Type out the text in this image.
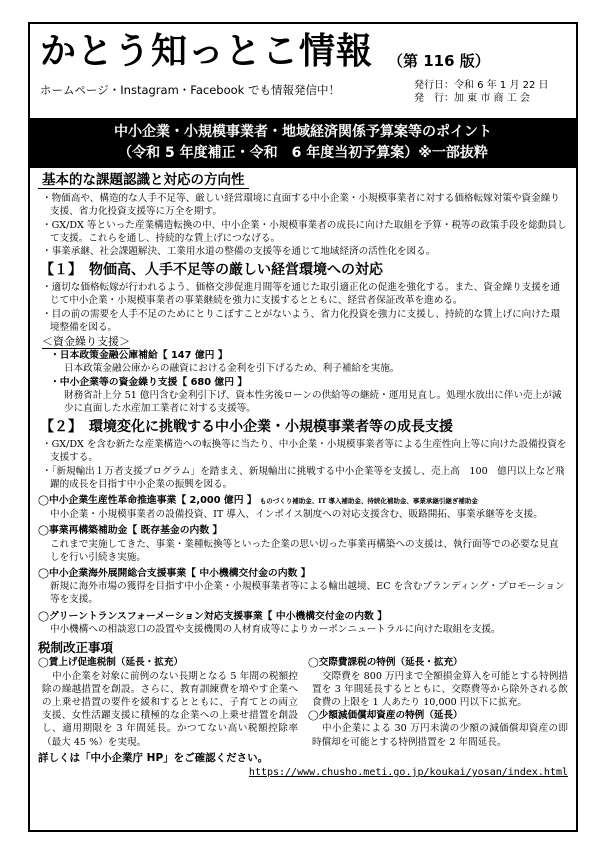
かとう知っとこ情報 （第 116 版）
ホームページ・Instagram・Facebook でも情報発信中！	発行日：令和 6 年 1 月 22 日
発　行：加 東 市 商 工 会
中小企業・小規模事業者・地域経済関係予算案等のポイント
（令和 5 年度補正・令和　6 年度当初予算案）※一部抜粋
基本的な課題認識と対応の方向性

・物価高や、構造的な人手不足等、厳しい経営環境に直面する中小企業・小規模事業者に対する価格転嫁対策や資金繰り支援、省力化投資支援等に万全を期す。

・GX/DX 等といった産業構造転換の中、中小企業・小規模事業者の成長に向けた取組を予算・税等の政策手段を総動員して支援。これらを通し、持続的な賃上げにつなげる。

・事業承継、社会課題解決、工業用水道の整備の支援等を通じて地域経済の活性化を図る。

【１】　物価高、人手不足等の厳しい経営環境への対応

・適切な価格転嫁が行われるよう、価格交渉促進月間等を通じた取引適正化の促進を強化する。また、資金繰り支援を通じて中小企業・小規模事業者の事業継続を強力に支援するとともに、経営者保証改革を進める。

・目の前の需要を人手不足のためにとりこぼすことがないよう、省力化投資を強力に支援し、持続的な賃上げに向けた環境整備を図る。

＜資金繰り支援＞
・日本政策金融公庫補給【 147 億円 】
日本政策金融公庫からの融資における金利を引下げるため、利子補給を実施。
・中小企業等の資金繰り支援【 680 億円 】
財務省計上分 51 億円含む金利引下げ、資本性劣後ローンの供給等の継続・運用見直し。処理水放出に伴い売上が減少に直面した水産加工業者に対する支援等。
【２】　環境変化に挑戦する中小企業・小規模事業者等の成長支援

・GX/DX を含む新たな産業構造への転換等に当たり、中小企業・小規模事業者等による生産性向上等に向けた設備投資を支援する。

・「新規輸出１万者支援プログラム」を踏まえ、新規輸出に挑戦する中小企業等を支援し、売上高　100　億円以上など飛躍的成長を目指す中小企業の振興を図る。

◯中小企業生産性革命推進事業【 2,000 億円 】 ものづくり補助金、IT 導入補助金、持続化補助金、事業承継引継ぎ補助金
中小企業・小規模事業者の設備投資、IT 導入、インボイス制度への対応支援含む、販路開拓、事業承継等を支援。
◯事業再構築補助金【 既存基金の内数 】
これまで実施してきた、事業・業種転換等といった企業の思い切った事業再構築への支援は、執行面等での必要な見直しを行い引続き実施。
◯中小企業海外展開総合支援事業【 中小機構交付金の内数 】
新規に海外市場の獲得を目指す中小企業・小規模事業者等による輸出越境、EC を含むブランディング・プロモーション等を支援。
◯グリーントランスフォーメーション対応支援事業【 中小機構交付金の内数 】
中小機構への相談窓口の設置や支援機関の人材育成等によりカーボンニュートラルに向けた取組を支援。
税制改正事項
◯賃上げ促進税制（延長・拡充）
中小企業を対象に前例のない長期となる 5 年間の税額控除の繰越措置を創設。さらに、教育訓練費を増やす企業への上乗せ措置の要件を緩和するとともに、子育てとの両立支援、女性活躍支援に積極的な企業への上乗せ措置を創設し、適用期限を 3 年間延長。かつてない高い税額控除率（最大 45 %）を実現。
◯交際費課税の特例（延長・拡充）
交際費を 800 万円まで全額損金算入を可能とする特例措置を 3 年間延長するとともに、交際費等から除外される飲食費の上限を 1 人あたり 10,000 円以下に拡充。
◯少額減価償却資産の特例（延長）
中小企業による 30 万円未満の少額の減価償却資産の即時償却を可能とする特例措置を 2 年間延長。
詳しくは「中小企業庁 HP」をご確認ください。
https://www.chusho.meti.go.jp/koukai/yosan/index.html
